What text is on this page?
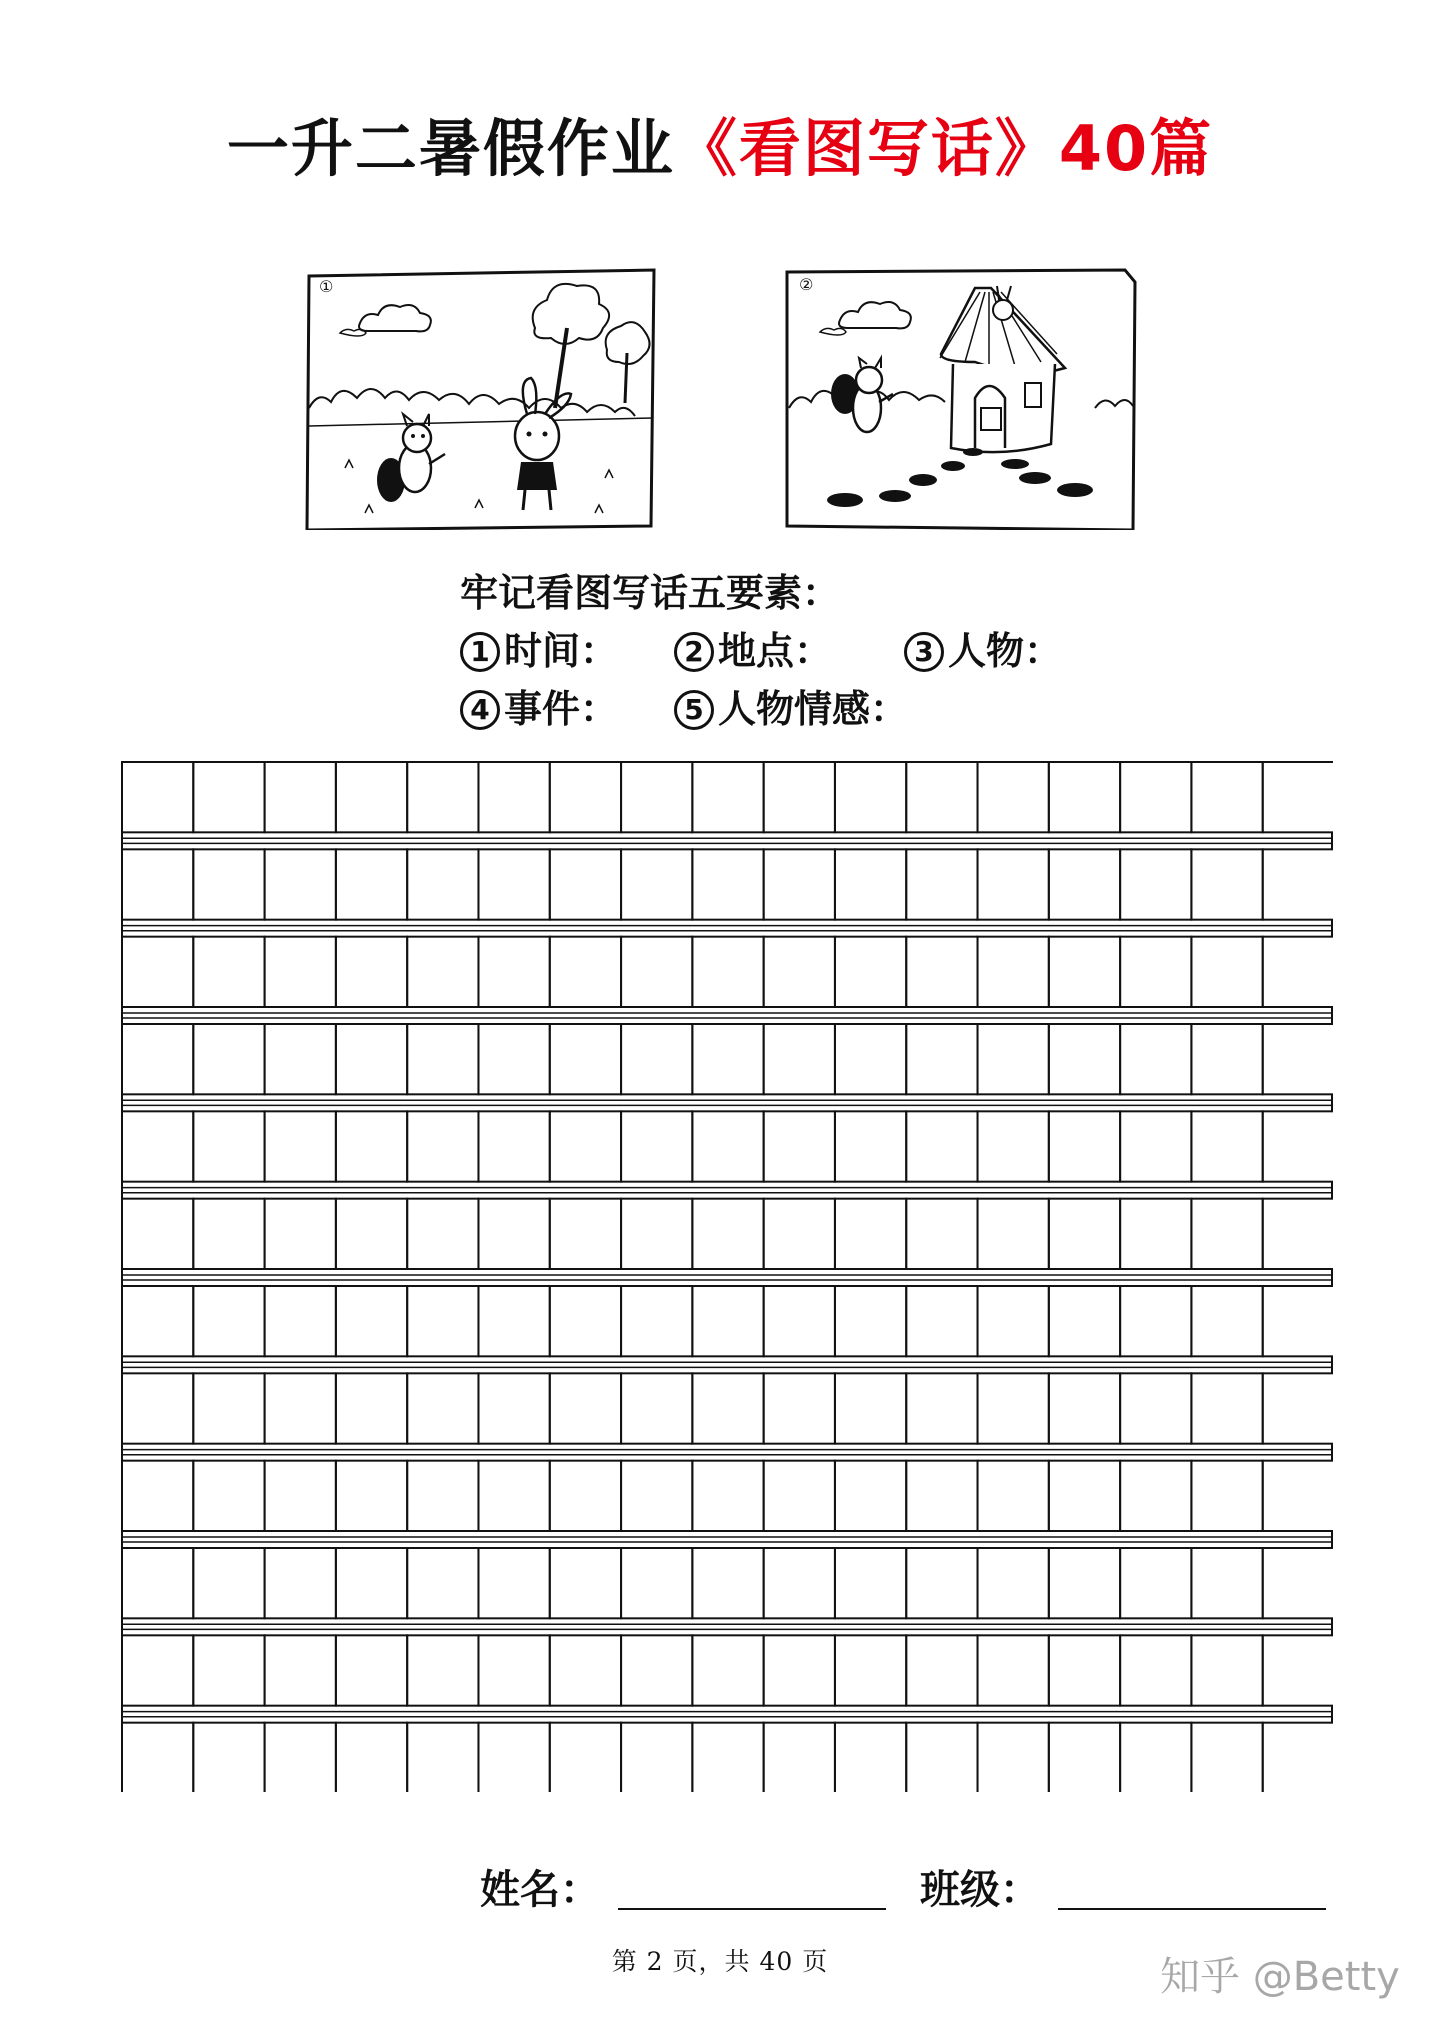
一升二暑假作业《看图写话》40篇
①	②
牢记看图写话五要素：
1 时间： 2 地点：	3 人物：
4 事件： 5 人物情感：
姓名：	班级：
第 2 页，共 40 页	知乎 @Betty
